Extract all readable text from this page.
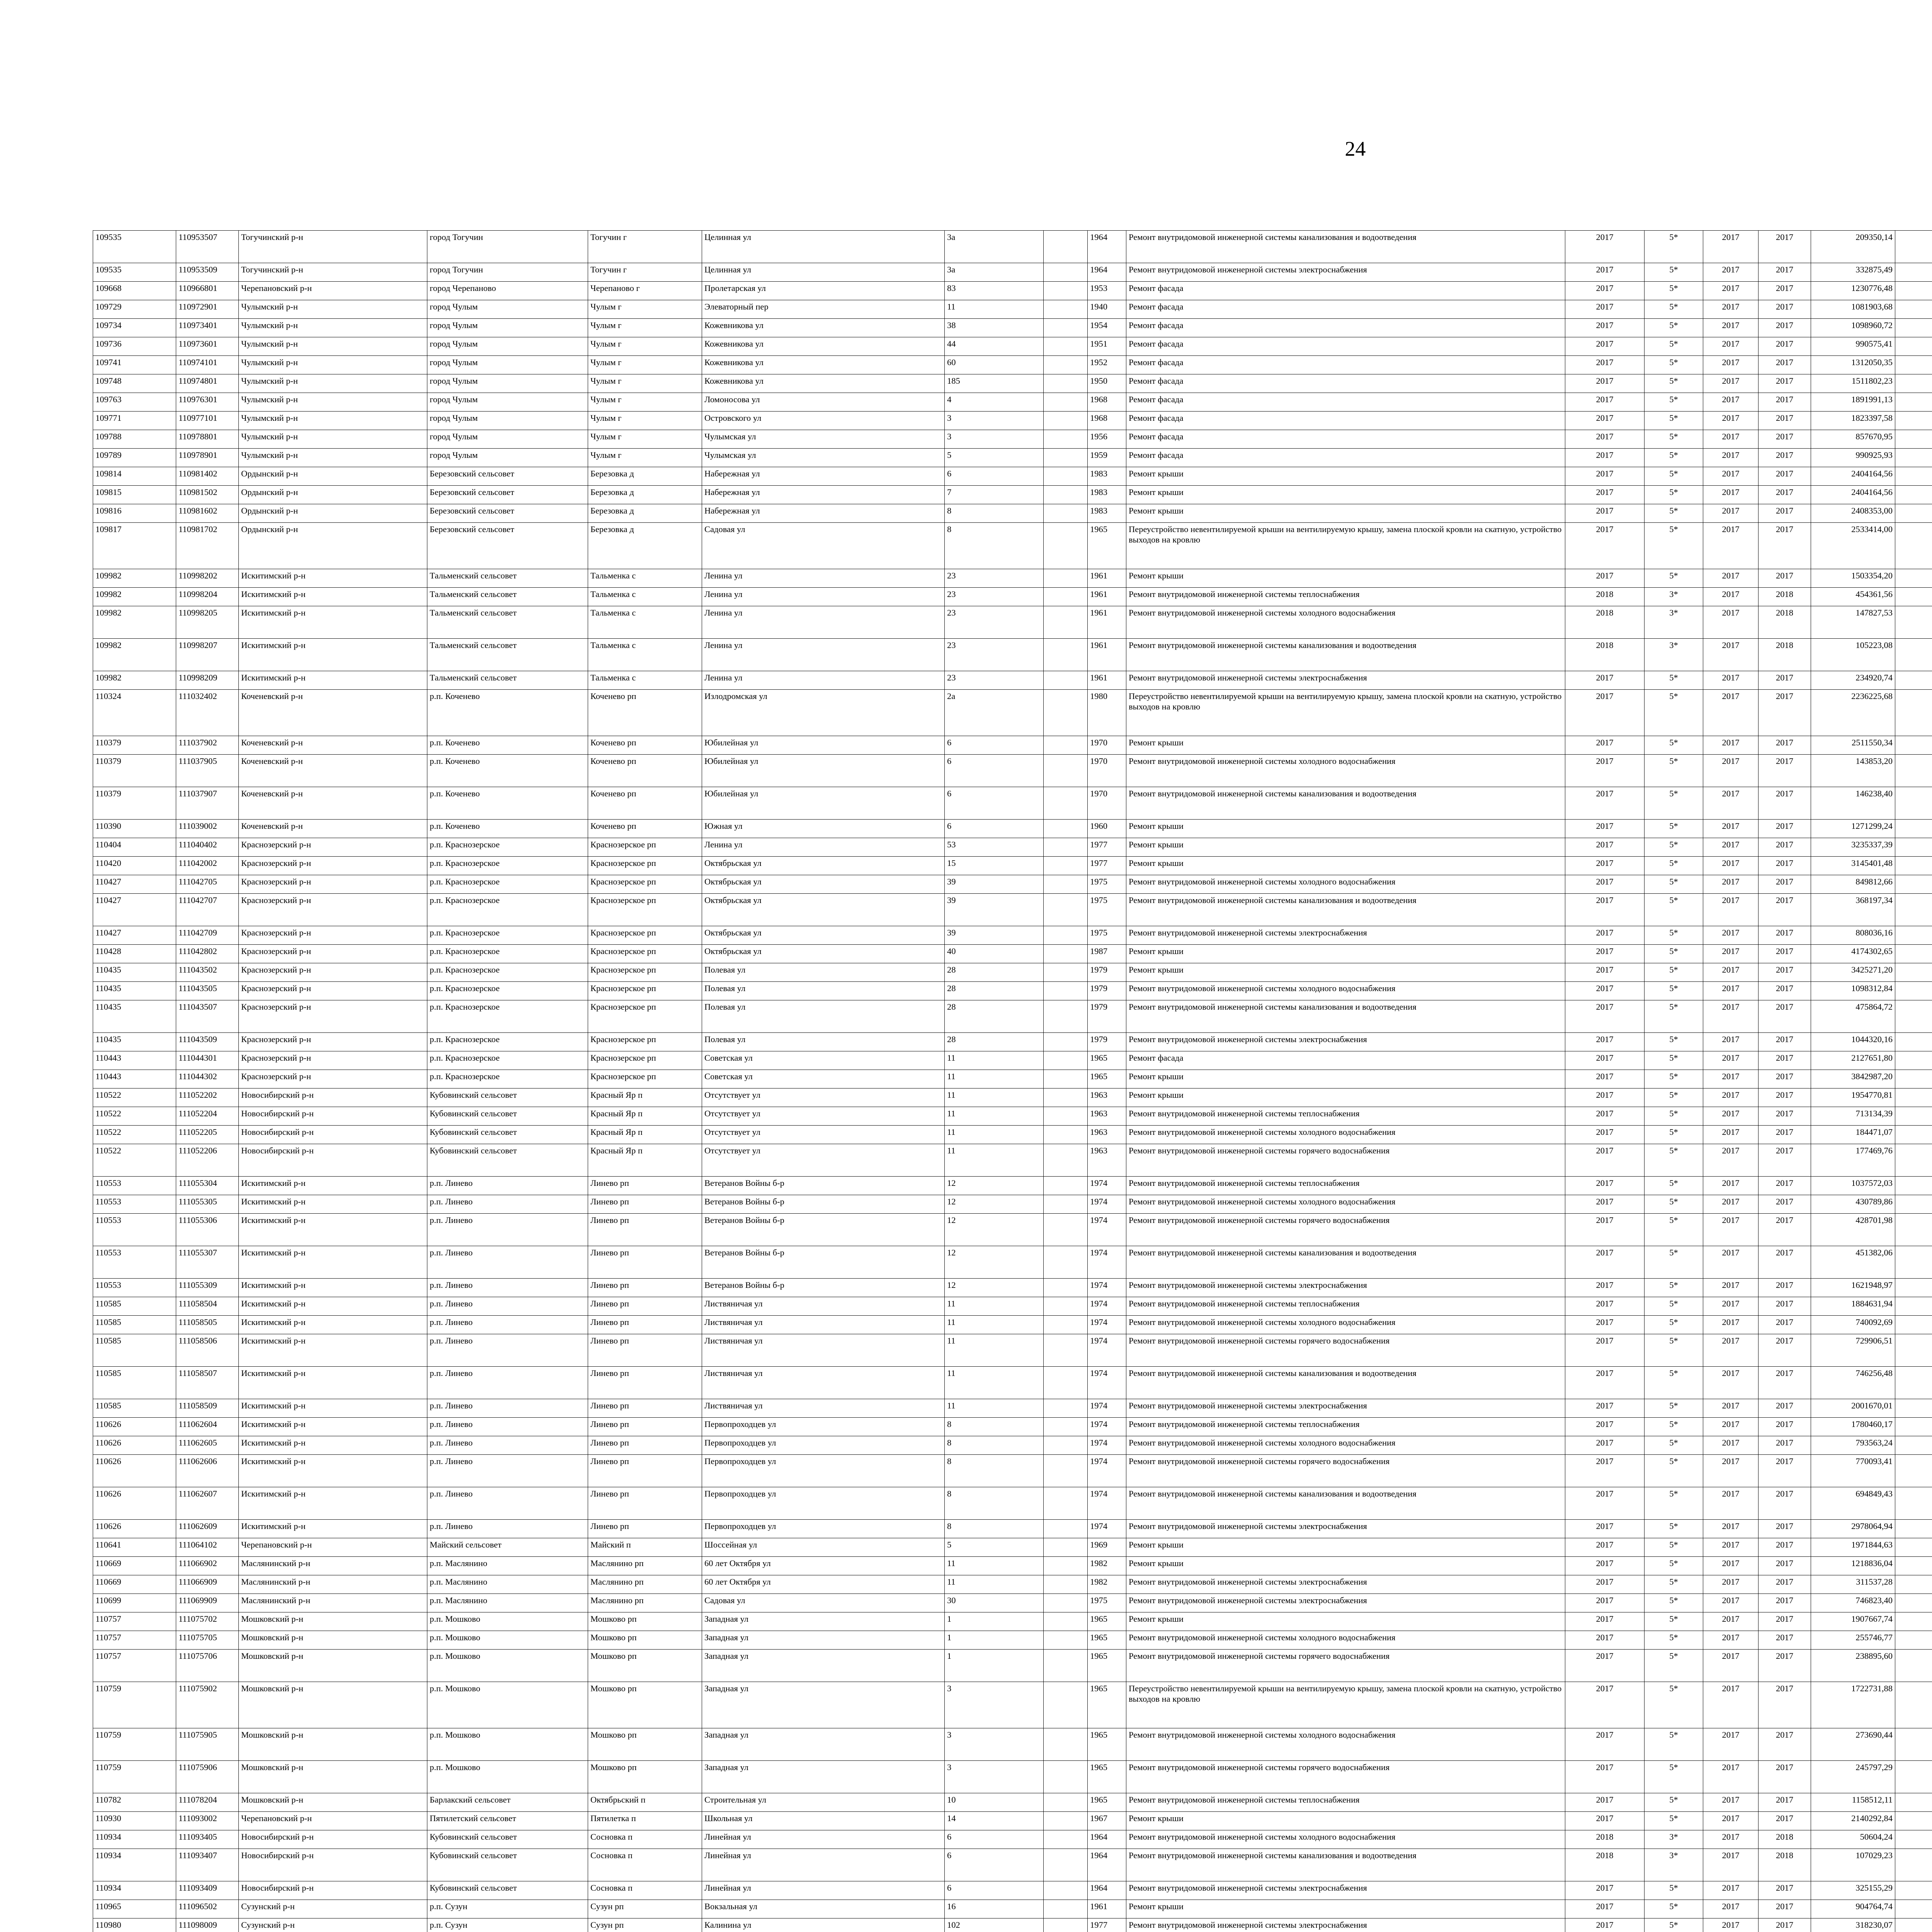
24
109535	110953507	Тогучинский р-н	город Тогучин	Тогучин г	Целинная ул	3а		1964	Ремонт внутридомовой инженерной системы канализования и водоотведения	2017	5*	2017	2017	209350,14							
109535	110953509	Тогучинский р-н	город Тогучин	Тогучин г	Целинная ул	3а		1964	Ремонт внутридомовой инженерной системы электроснабжения	2017	5*	2017	2017	332875,49							
109668	110966801	Черепановский р-н	город Черепаново	Черепаново г	Пролетарская ул	83		1953	Ремонт фасада	2017	5*	2017	2017	1230776,48							
109729	110972901	Чулымский р-н	город Чулым	Чулым г	Элеваторный пер	11		1940	Ремонт фасада	2017	5*	2017	2017	1081903,68							
109734	110973401	Чулымский р-н	город Чулым	Чулым г	Кожевникова ул	38		1954	Ремонт фасада	2017	5*	2017	2017	1098960,72							
109736	110973601	Чулымский р-н	город Чулым	Чулым г	Кожевникова ул	44		1951	Ремонт фасада	2017	5*	2017	2017	990575,41							
109741	110974101	Чулымский р-н	город Чулым	Чулым г	Кожевникова ул	60		1952	Ремонт фасада	2017	5*	2017	2017	1312050,35							
109748	110974801	Чулымский р-н	город Чулым	Чулым г	Кожевникова ул	185		1950	Ремонт фасада	2017	5*	2017	2017	1511802,23							
109763	110976301	Чулымский р-н	город Чулым	Чулым г	Ломоносова ул	4		1968	Ремонт фасада	2017	5*	2017	2017	1891991,13							
109771	110977101	Чулымский р-н	город Чулым	Чулым г	Островского ул	3		1968	Ремонт фасада	2017	5*	2017	2017	1823397,58							
109788	110978801	Чулымский р-н	город Чулым	Чулым г	Чулымская ул	3		1956	Ремонт фасада	2017	5*	2017	2017	857670,95							
109789	110978901	Чулымский р-н	город Чулым	Чулым г	Чулымская ул	5		1959	Ремонт фасада	2017	5*	2017	2017	990925,93							
109814	110981402	Ордынский р-н	Березовский сельсовет	Березовка д	Набережная ул	6		1983	Ремонт крыши	2017	5*	2017	2017	2404164,56							
109815	110981502	Ордынский р-н	Березовский сельсовет	Березовка д	Набережная ул	7		1983	Ремонт крыши	2017	5*	2017	2017	2404164,56							
109816	110981602	Ордынский р-н	Березовский сельсовет	Березовка д	Набережная ул	8		1983	Ремонт крыши	2017	5*	2017	2017	2408353,00							
109817	110981702	Ордынский р-н	Березовский сельсовет	Березовка д	Садовая ул	8		1965	Переустройство невентилируемой крыши на вентилируемую крышу, замена плоской кровли на скатную, устройство выходов на кровлю	2017	5*	2017	2017	2533414,00							
109982	110998202	Искитимский р-н	Тальменский сельсовет	Тальменка с	Ленина ул	23		1961	Ремонт крыши	2017	5*	2017	2017	1503354,20							
109982	110998204	Искитимский р-н	Тальменский сельсовет	Тальменка с	Ленина ул	23		1961	Ремонт внутридомовой инженерной системы теплоснабжения	2018	3*	2017	2018	454361,56							
109982	110998205	Искитимский р-н	Тальменский сельсовет	Тальменка с	Ленина ул	23		1961	Ремонт внутридомовой инженерной системы холодного водоснабжения	2018	3*	2017	2018	147827,53							
109982	110998207	Искитимский р-н	Тальменский сельсовет	Тальменка с	Ленина ул	23		1961	Ремонт внутридомовой инженерной системы канализования и водоотведения	2018	3*	2017	2018	105223,08							
109982	110998209	Искитимский р-н	Тальменский сельсовет	Тальменка с	Ленина ул	23		1961	Ремонт внутридомовой инженерной системы электроснабжения	2017	5*	2017	2017	234920,74							
110324	111032402	Коченевский р-н	р.п. Коченево	Коченево рп	Излодромская ул	2а		1980	Переустройство невентилируемой крыши на вентилируемую крышу, замена плоской кровли на скатную, устройство выходов на кровлю	2017	5*	2017	2017	2236225,68							
110379	111037902	Коченевский р-н	р.п. Коченево	Коченево рп	Юбилейная ул	6		1970	Ремонт крыши	2017	5*	2017	2017	2511550,34							
110379	111037905	Коченевский р-н	р.п. Коченево	Коченево рп	Юбилейная ул	6		1970	Ремонт внутридомовой инженерной системы холодного водоснабжения	2017	5*	2017	2017	143853,20							
110379	111037907	Коченевский р-н	р.п. Коченево	Коченево рп	Юбилейная ул	6		1970	Ремонт внутридомовой инженерной системы канализования и водоотведения	2017	5*	2017	2017	146238,40							
110390	111039002	Коченевский р-н	р.п. Коченево	Коченево рп	Южная ул	6		1960	Ремонт крыши	2017	5*	2017	2017	1271299,24							
110404	111040402	Краснозерский р-н	р.п. Краснозерское	Краснозерское рп	Ленина ул	53		1977	Ремонт крыши	2017	5*	2017	2017	3235337,39							
110420	111042002	Краснозерский р-н	р.п. Краснозерское	Краснозерское рп	Октябрьская ул	15		1977	Ремонт крыши	2017	5*	2017	2017	3145401,48							
110427	111042705	Краснозерский р-н	р.п. Краснозерское	Краснозерское рп	Октябрьская ул	39		1975	Ремонт внутридомовой инженерной системы холодного водоснабжения	2017	5*	2017	2017	849812,66							
110427	111042707	Краснозерский р-н	р.п. Краснозерское	Краснозерское рп	Октябрьская ул	39		1975	Ремонт внутридомовой инженерной системы канализования и водоотведения	2017	5*	2017	2017	368197,34							
110427	111042709	Краснозерский р-н	р.п. Краснозерское	Краснозерское рп	Октябрьская ул	39		1975	Ремонт внутридомовой инженерной системы электроснабжения	2017	5*	2017	2017	808036,16							
110428	111042802	Краснозерский р-н	р.п. Краснозерское	Краснозерское рп	Октябрьская ул	40		1987	Ремонт крыши	2017	5*	2017	2017	4174302,65							
110435	111043502	Краснозерский р-н	р.п. Краснозерское	Краснозерское рп	Полевая ул	28		1979	Ремонт крыши	2017	5*	2017	2017	3425271,20							
110435	111043505	Краснозерский р-н	р.п. Краснозерское	Краснозерское рп	Полевая ул	28		1979	Ремонт внутридомовой инженерной системы холодного водоснабжения	2017	5*	2017	2017	1098312,84							
110435	111043507	Краснозерский р-н	р.п. Краснозерское	Краснозерское рп	Полевая ул	28		1979	Ремонт внутридомовой инженерной системы канализования и водоотведения	2017	5*	2017	2017	475864,72							
110435	111043509	Краснозерский р-н	р.п. Краснозерское	Краснозерское рп	Полевая ул	28		1979	Ремонт внутридомовой инженерной системы электроснабжения	2017	5*	2017	2017	1044320,16							
110443	111044301	Краснозерский р-н	р.п. Краснозерское	Краснозерское рп	Советская ул	11		1965	Ремонт фасада	2017	5*	2017	2017	2127651,80							
110443	111044302	Краснозерский р-н	р.п. Краснозерское	Краснозерское рп	Советская ул	11		1965	Ремонт крыши	2017	5*	2017	2017	3842987,20							
110522	111052202	Новосибирский р-н	Кубовинский сельсовет	Красный Яр п	Отсутствует ул	11		1963	Ремонт крыши	2017	5*	2017	2017	1954770,81							
110522	111052204	Новосибирский р-н	Кубовинский сельсовет	Красный Яр п	Отсутствует ул	11		1963	Ремонт внутридомовой инженерной системы теплоснабжения	2017	5*	2017	2017	713134,39							
110522	111052205	Новосибирский р-н	Кубовинский сельсовет	Красный Яр п	Отсутствует ул	11		1963	Ремонт внутридомовой инженерной системы холодного водоснабжения	2017	5*	2017	2017	184471,07							
110522	111052206	Новосибирский р-н	Кубовинский сельсовет	Красный Яр п	Отсутствует ул	11		1963	Ремонт внутридомовой инженерной системы горячего водоснабжения	2017	5*	2017	2017	177469,76							
110553	111055304	Искитимский р-н	р.п. Линево	Линево рп	Ветеранов Войны б-р	12		1974	Ремонт внутридомовой инженерной системы теплоснабжения	2017	5*	2017	2017	1037572,03							
110553	111055305	Искитимский р-н	р.п. Линево	Линево рп	Ветеранов Войны б-р	12		1974	Ремонт внутридомовой инженерной системы холодного водоснабжения	2017	5*	2017	2017	430789,86							
110553	111055306	Искитимский р-н	р.п. Линево	Линево рп	Ветеранов Войны б-р	12		1974	Ремонт внутридомовой инженерной системы горячего водоснабжения	2017	5*	2017	2017	428701,98							
110553	111055307	Искитимский р-н	р.п. Линево	Линево рп	Ветеранов Войны б-р	12		1974	Ремонт внутридомовой инженерной системы канализования и водоотведения	2017	5*	2017	2017	451382,06							
110553	111055309	Искитимский р-н	р.п. Линево	Линево рп	Ветеранов Войны б-р	12		1974	Ремонт внутридомовой инженерной системы электроснабжения	2017	5*	2017	2017	1621948,97							
110585	111058504	Искитимский р-н	р.п. Линево	Линево рп	Листвяничая ул	11		1974	Ремонт внутридомовой инженерной системы теплоснабжения	2017	5*	2017	2017	1884631,94							
110585	111058505	Искитимский р-н	р.п. Линево	Линево рп	Листвяничая ул	11		1974	Ремонт внутридомовой инженерной системы холодного водоснабжения	2017	5*	2017	2017	740092,69							
110585	111058506	Искитимский р-н	р.п. Линево	Линево рп	Листвяничая ул	11		1974	Ремонт внутридомовой инженерной системы горячего водоснабжения	2017	5*	2017	2017	729906,51							
110585	111058507	Искитимский р-н	р.п. Линево	Линево рп	Листвяничая ул	11		1974	Ремонт внутридомовой инженерной системы канализования и водоотведения	2017	5*	2017	2017	746256,48							
110585	111058509	Искитимский р-н	р.п. Линево	Линево рп	Листвяничая ул	11		1974	Ремонт внутридомовой инженерной системы электроснабжения	2017	5*	2017	2017	2001670,01							
110626	111062604	Искитимский р-н	р.п. Линево	Линево рп	Первопроходцев ул	8		1974	Ремонт внутридомовой инженерной системы теплоснабжения	2017	5*	2017	2017	1780460,17							
110626	111062605	Искитимский р-н	р.п. Линево	Линево рп	Первопроходцев ул	8		1974	Ремонт внутридомовой инженерной системы холодного водоснабжения	2017	5*	2017	2017	793563,24							
110626	111062606	Искитимский р-н	р.п. Линево	Линево рп	Первопроходцев ул	8		1974	Ремонт внутридомовой инженерной системы горячего водоснабжения	2017	5*	2017	2017	770093,41							
110626	111062607	Искитимский р-н	р.п. Линево	Линево рп	Первопроходцев ул	8		1974	Ремонт внутридомовой инженерной системы канализования и водоотведения	2017	5*	2017	2017	694849,43							
110626	111062609	Искитимский р-н	р.п. Линево	Линево рп	Первопроходцев ул	8		1974	Ремонт внутридомовой инженерной системы электроснабжения	2017	5*	2017	2017	2978064,94							
110641	111064102	Черепановский р-н	Майский сельсовет	Майский п	Шоссейная ул	5		1969	Ремонт крыши	2017	5*	2017	2017	1971844,63							
110669	111066902	Маслянинский р-н	р.п. Маслянино	Маслянино рп	60 лет Октября ул	11		1982	Ремонт крыши	2017	5*	2017	2017	1218836,04							
110669	111066909	Маслянинский р-н	р.п. Маслянино	Маслянино рп	60 лет Октября ул	11		1982	Ремонт внутридомовой инженерной системы электроснабжения	2017	5*	2017	2017	311537,28							
110699	111069909	Маслянинский р-н	р.п. Маслянино	Маслянино рп	Садовая ул	30		1975	Ремонт внутридомовой инженерной системы электроснабжения	2017	5*	2017	2017	746823,40							
110757	111075702	Мошковский р-н	р.п. Мошково	Мошково рп	Западная ул	1		1965	Ремонт крыши	2017	5*	2017	2017	1907667,74							
110757	111075705	Мошковский р-н	р.п. Мошково	Мошково рп	Западная ул	1		1965	Ремонт внутридомовой инженерной системы холодного водоснабжения	2017	5*	2017	2017	255746,77							
110757	111075706	Мошковский р-н	р.п. Мошково	Мошково рп	Западная ул	1		1965	Ремонт внутридомовой инженерной системы горячего водоснабжения	2017	5*	2017	2017	238895,60							
110759	111075902	Мошковский р-н	р.п. Мошково	Мошково рп	Западная ул	3		1965	Переустройство невентилируемой крыши на вентилируемую крышу, замена плоской кровли на скатную, устройство выходов на кровлю	2017	5*	2017	2017	1722731,88							
110759	111075905	Мошковский р-н	р.п. Мошково	Мошково рп	Западная ул	3		1965	Ремонт внутридомовой инженерной системы холодного водоснабжения	2017	5*	2017	2017	273690,44							
110759	111075906	Мошковский р-н	р.п. Мошково	Мошково рп	Западная ул	3		1965	Ремонт внутридомовой инженерной системы горячего водоснабжения	2017	5*	2017	2017	245797,29							
110782	111078204	Мошковский р-н	Барлакский сельсовет	Октябрьский п	Строительная ул	10		1965	Ремонт внутридомовой инженерной системы теплоснабжения	2017	5*	2017	2017	1158512,11							
110930	111093002	Черепановский р-н	Пятилетский сельсовет	Пятилетка п	Школьная ул	14		1967	Ремонт крыши	2017	5*	2017	2017	2140292,84							
110934	111093405	Новосибирский р-н	Кубовинский сельсовет	Сосновка п	Линейная ул	6		1964	Ремонт внутридомовой инженерной системы холодного водоснабжения	2018	3*	2017	2018	50604,24							
110934	111093407	Новосибирский р-н	Кубовинский сельсовет	Сосновка п	Линейная ул	6		1964	Ремонт внутридомовой инженерной системы канализования и водоотведения	2018	3*	2017	2018	107029,23							
110934	111093409	Новосибирский р-н	Кубовинский сельсовет	Сосновка п	Линейная ул	6		1964	Ремонт внутридомовой инженерной системы электроснабжения	2017	5*	2017	2017	325155,29							
110965	111096502	Сузунский р-н	р.п. Сузун	Сузун рп	Вокзальная ул	16		1961	Ремонт крыши	2017	5*	2017	2017	904764,74							
110980	111098009	Сузунский р-н	р.п. Сузун	Сузун рп	Калинина ул	102		1977	Ремонт внутридомовой инженерной системы электроснабжения	2017	5*	2017	2017	318230,07							
